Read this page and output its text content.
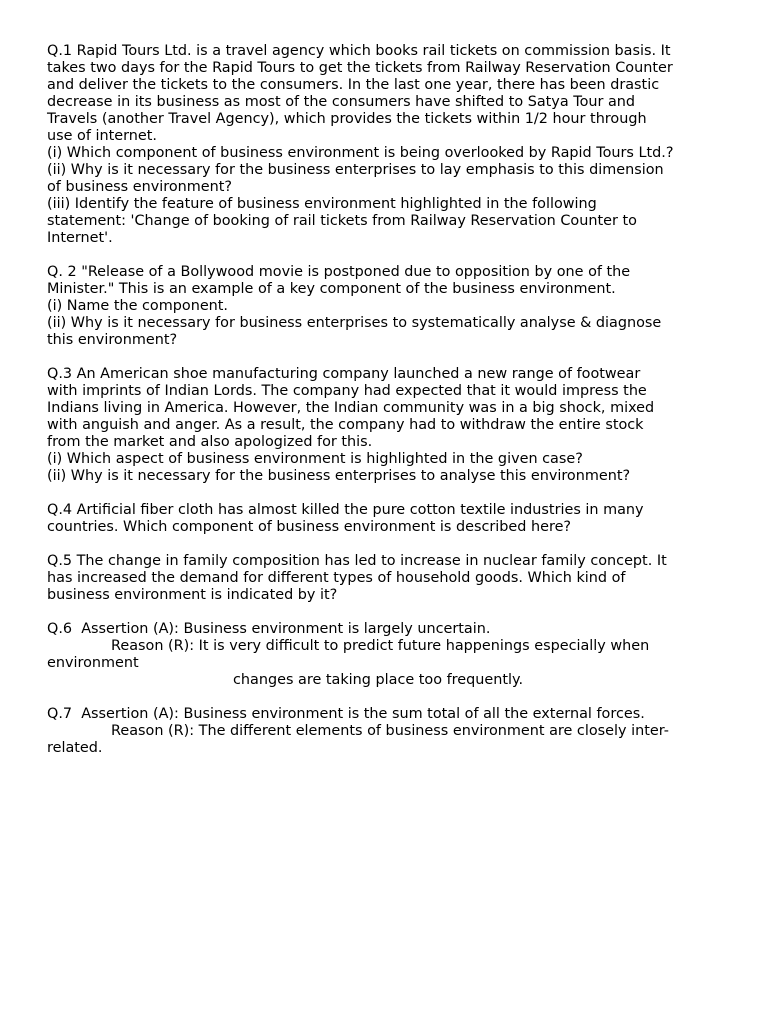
Q.1 Rapid Tours Ltd. is a travel agency which books rail tickets on commission basis. It
takes two days for the Rapid Tours to get the tickets from Railway Reservation Counter
and deliver the tickets to the consumers. In the last one year, there has been drastic
decrease in its business as most of the consumers have shifted to Satya Tour and
Travels (another Travel Agency), which provides the tickets within 1/2 hour through
use of internet.
(i) Which component of business environment is being overlooked by Rapid Tours Ltd.?
(ii) Why is it necessary for the business enterprises to lay emphasis to this dimension
of business environment?
(iii) Identify the feature of business environment highlighted in the following
statement: 'Change of booking of rail tickets from Railway Reservation Counter to
Internet'.
Q. 2 "Release of a Bollywood movie is postponed due to opposition by one of the
Minister." This is an example of a key component of the business environment.
(i) Name the component.
(ii) Why is it necessary for business enterprises to systematically analyse & diagnose
this environment?
Q.3 An American shoe manufacturing company launched a new range of footwear
with imprints of Indian Lords. The company had expected that it would impress the
Indians living in America. However, the Indian community was in a big shock, mixed
with anguish and anger. As a result, the company had to withdraw the entire stock
from the market and also apologized for this.
(i) Which aspect of business environment is highlighted in the given case?
(ii) Why is it necessary for the business enterprises to analyse this environment?
Q.4 Artificial fiber cloth has almost killed the pure cotton textile industries in many
countries. Which component of business environment is described here?
Q.5 The change in family composition has led to increase in nuclear family concept. It
has increased the demand for different types of household goods. Which kind of
business environment is indicated by it?
Q.6  Assertion (A): Business environment is largely uncertain.
Reason (R): It is very difficult to predict future happenings especially when
environment
changes are taking place too frequently.
Q.7  Assertion (A): Business environment is the sum total of all the external forces.
Reason (R): The different elements of business environment are closely inter-
related.
